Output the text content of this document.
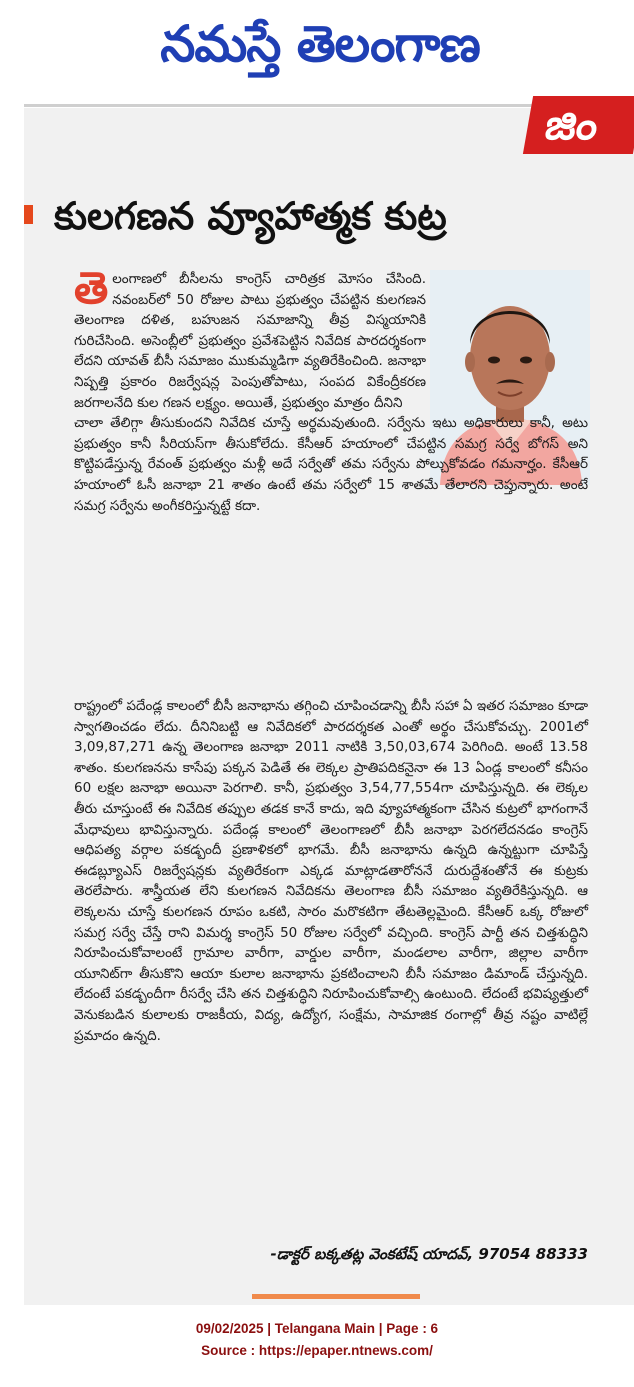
నమస్తే తెలంగాణ
జిం
కులగణన వ్యూహాత్మక కుట్ర
తెలంగాణలో బీసీలను కాంగ్రెస్ చారిత్రక మోసం చేసింది. నవంబర్‌లో 50 రోజుల పాటు ప్రభుత్వం చేపట్టిన కులగణన తెలంగాణ దళిత, బహుజన సమాజాన్ని తీవ్ర విస్మయానికి గురిచేసింది. అసెంబ్లీలో ప్రభుత్వం ప్రవేశపెట్టిన నివేదిక పారదర్శకంగా లేదని యావత్ బీసీ సమాజం ముకుమ్మడిగా వ్యతిరేకించింది. జనాభా నిష్పత్తి ప్రకారం రిజర్వేషన్ల పెంపుతోపాటు, సంపద వికేంద్రీకరణ జరగాలనేది కుల గణన లక్ష్యం. అయితే, ప్రభుత్వం మాత్రం దీనిని
చాలా తేలిగ్గా తీసుకుందని నివేదిక చూస్తే అర్థమవుతుంది. సర్వేను ఇటు అధికారులు కానీ, అటు ప్రభుత్వం కానీ సీరియస్‌గా తీసుకోలేదు. కేసీఆర్ హయాంలో చేపట్టిన సమగ్ర సర్వే బోగస్ అని కొట్టిపడేస్తున్న రేవంత్ ప్రభుత్వం మళ్లీ అదే సర్వేతో తమ సర్వేను పోల్చుకోవడం గమనార్హం. కేసీఆర్ హయాంలో ఓసీ జనాభా 21 శాతం ఉంటే తమ సర్వేలో 15 శాతమే తేలారని చెప్తున్నారు. అంటే సమగ్ర సర్వేను అంగీకరిస్తున్నట్టే కదా.
రాష్ట్రంలో పదేండ్ల కాలంలో బీసీ జనాభాను తగ్గించి చూపించడాన్ని బీసీ సహా ఏ ఇతర సమాజం కూడా స్వాగతించడం లేదు. దీనినిబట్టి ఆ నివేదికలో పారదర్శకత ఎంతో అర్థం చేసుకోవచ్చు. 2001లో 3,09,87,271 ఉన్న తెలంగాణ జనాభా 2011 నాటికి 3,50,03,674 పెరిగింది. అంటే 13.58 శాతం. కులగణనను కాసేపు పక్కన పెడితే ఈ లెక్కల ప్రాతిపదికనైనా ఈ 13 ఏండ్ల కాలంలో కనీసం 60 లక్షల జనాభా అయినా పెరగాలి. కానీ, ప్రభుత్వం 3,54,77,554గా చూపిస్తున్నది. ఈ లెక్కల తీరు చూస్తుంటే ఈ నివేదిక తప్పుల తడక కానే కాదు, ఇది వ్యూహాత్మకంగా చేసిన కుట్రలో భాగంగానే మేధావులు భావిస్తున్నారు. పదేండ్ల కాలంలో తెలంగాణలో బీసీ జనాభా పెరగలేదనడం కాంగ్రెస్ ఆధిపత్య వర్గాల పకడ్బందీ ప్రణాళికలో భాగమే. బీసీ జనాభాను ఉన్నది ఉన్నట్టుగా చూపిస్తే ఈడబ్ల్యూఎస్ రిజర్వేషన్లకు వ్యతిరేకంగా ఎక్కడ మాట్లాడతారోననే దురుద్దేశంతోనే ఈ కుట్రకు తెరలేపారు. శాస్త్రీయత లేని కులగణన నివేదికను తెలంగాణ బీసీ సమాజం వ్యతిరేకిస్తున్నది. ఆ లెక్కలను చూస్తే కులగణన రూపం ఒకటి, సారం మరొకటిగా తేటతెల్లమైంది. కేసీఆర్ ఒక్క రోజులో సమగ్ర సర్వే చేస్తే రాని విమర్శ కాంగ్రెస్ 50 రోజుల సర్వేలో వచ్చింది. కాంగ్రెస్ పార్టీ తన చిత్తశుద్ధిని నిరూపించుకోవాలంటే గ్రామాల వారీగా, వార్డుల వారీగా, మండలాల వారీగా, జిల్లాల వారీగా యూనిట్‌గా తీసుకొని ఆయా కులాల జనాభాను ప్రకటించాలని బీసీ సమాజం డిమాండ్ చేస్తున్నది. లేదంటే పకడ్బందీగా రీసర్వే చేసి తన చిత్తశుద్ధిని నిరూపించుకోవాల్సి ఉంటుంది. లేదంటే భవిష్యత్తులో వెనుకబడిన కులాలకు రాజకీయ, విద్య, ఉద్యోగ, సంక్షేమ, సామాజిక రంగాల్లో తీవ్ర నష్టం వాటిల్లే ప్రమాదం ఉన్నది.
-డాక్టర్ బక్కతట్ల వెంకటేష్ యాదవ్, 97054 88333
09/02/2025 | Telangana Main | Page : 6
Source : https://epaper.ntnews.com/
